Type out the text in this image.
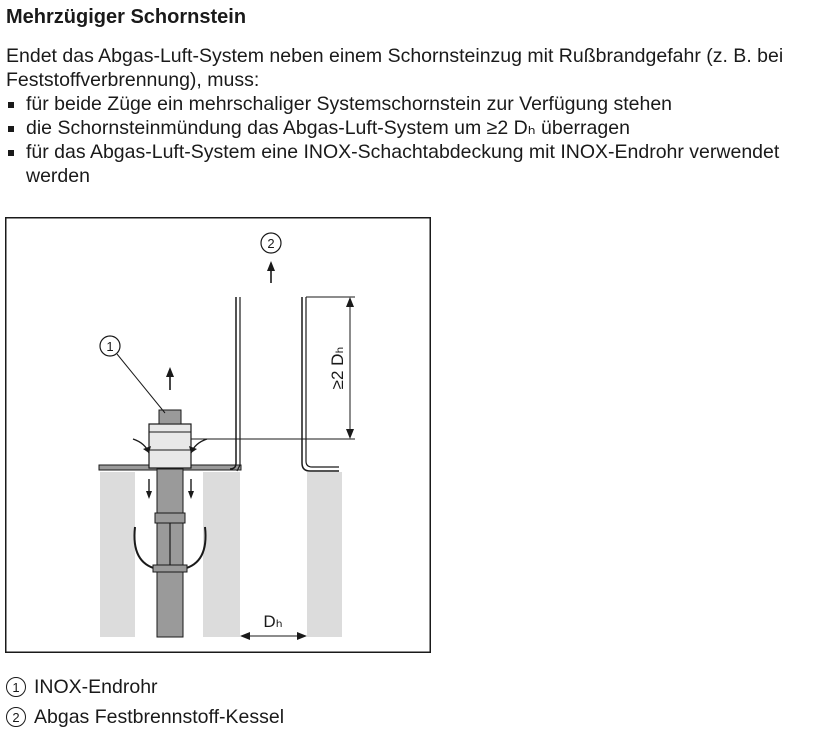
Mehrzügiger Schornstein

Endet das Abgas-Luft-System neben einem Schornsteinzug mit Rußbrandgefahr (z. B. bei Feststoffverbrennung), muss:

für beide Züge ein mehrschaliger Systemschornstein zur Verfügung stehen
die Schornsteinmündung das Abgas-Luft-System um ≥2 Dₕ überragen
für das Abgas-Luft-System eine INOX-Schachtabdeckung mit INOX-Endrohr verwendet werden
1
2
≥2 Dₕ
Dₕ
1 INOX-Endrohr
2 Abgas Festbrennstoff-Kessel
